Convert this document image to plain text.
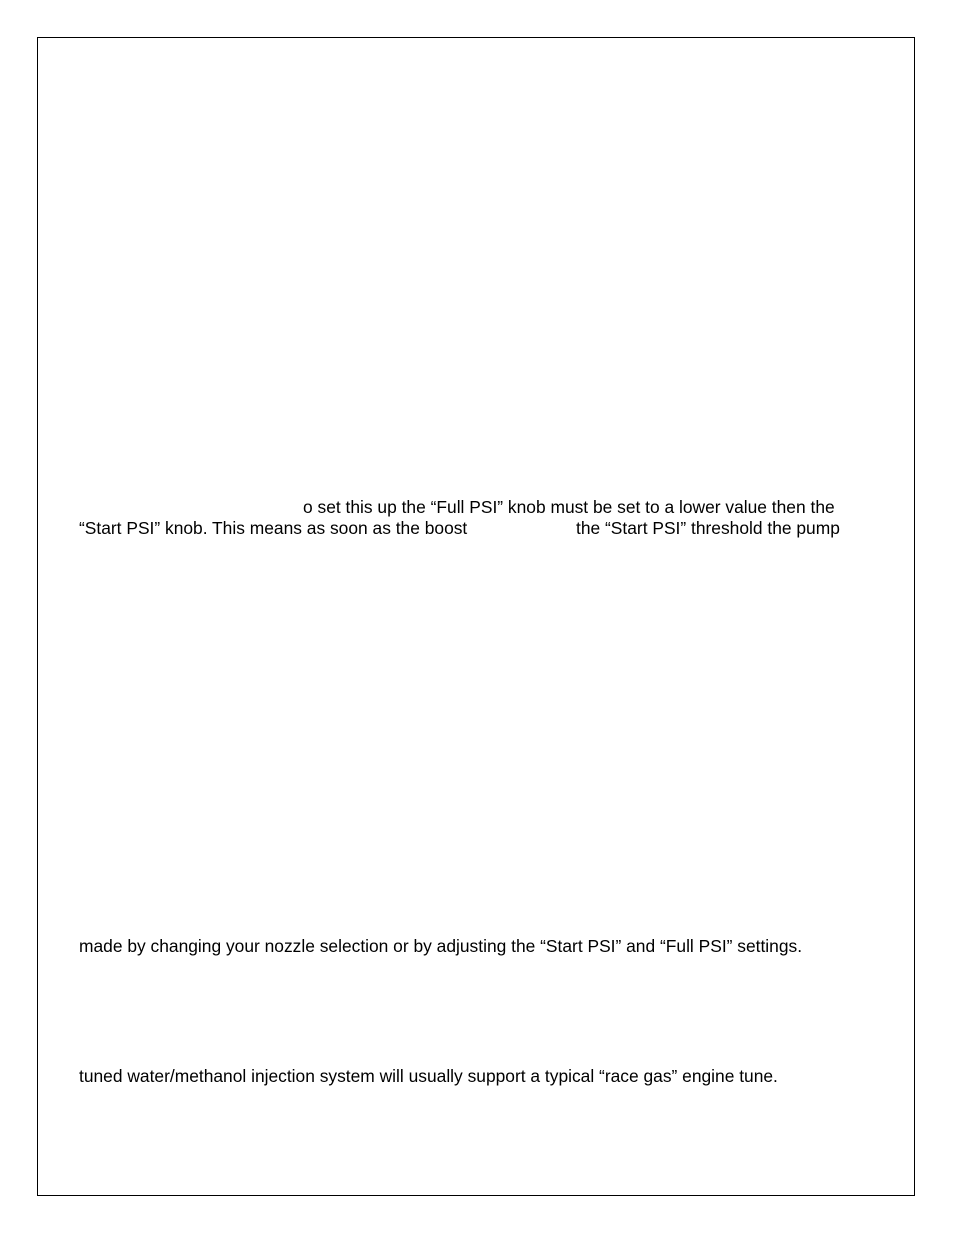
o set this up the “Full PSI” knob must be set to a lower value then the
“Start PSI” knob. This means as soon as the boost	the “Start PSI” threshold the pump
made by changing your nozzle selection or by adjusting the “Start PSI” and “Full PSI” settings.
tuned water/methanol injection system will usually support a typical “race gas” engine tune.
